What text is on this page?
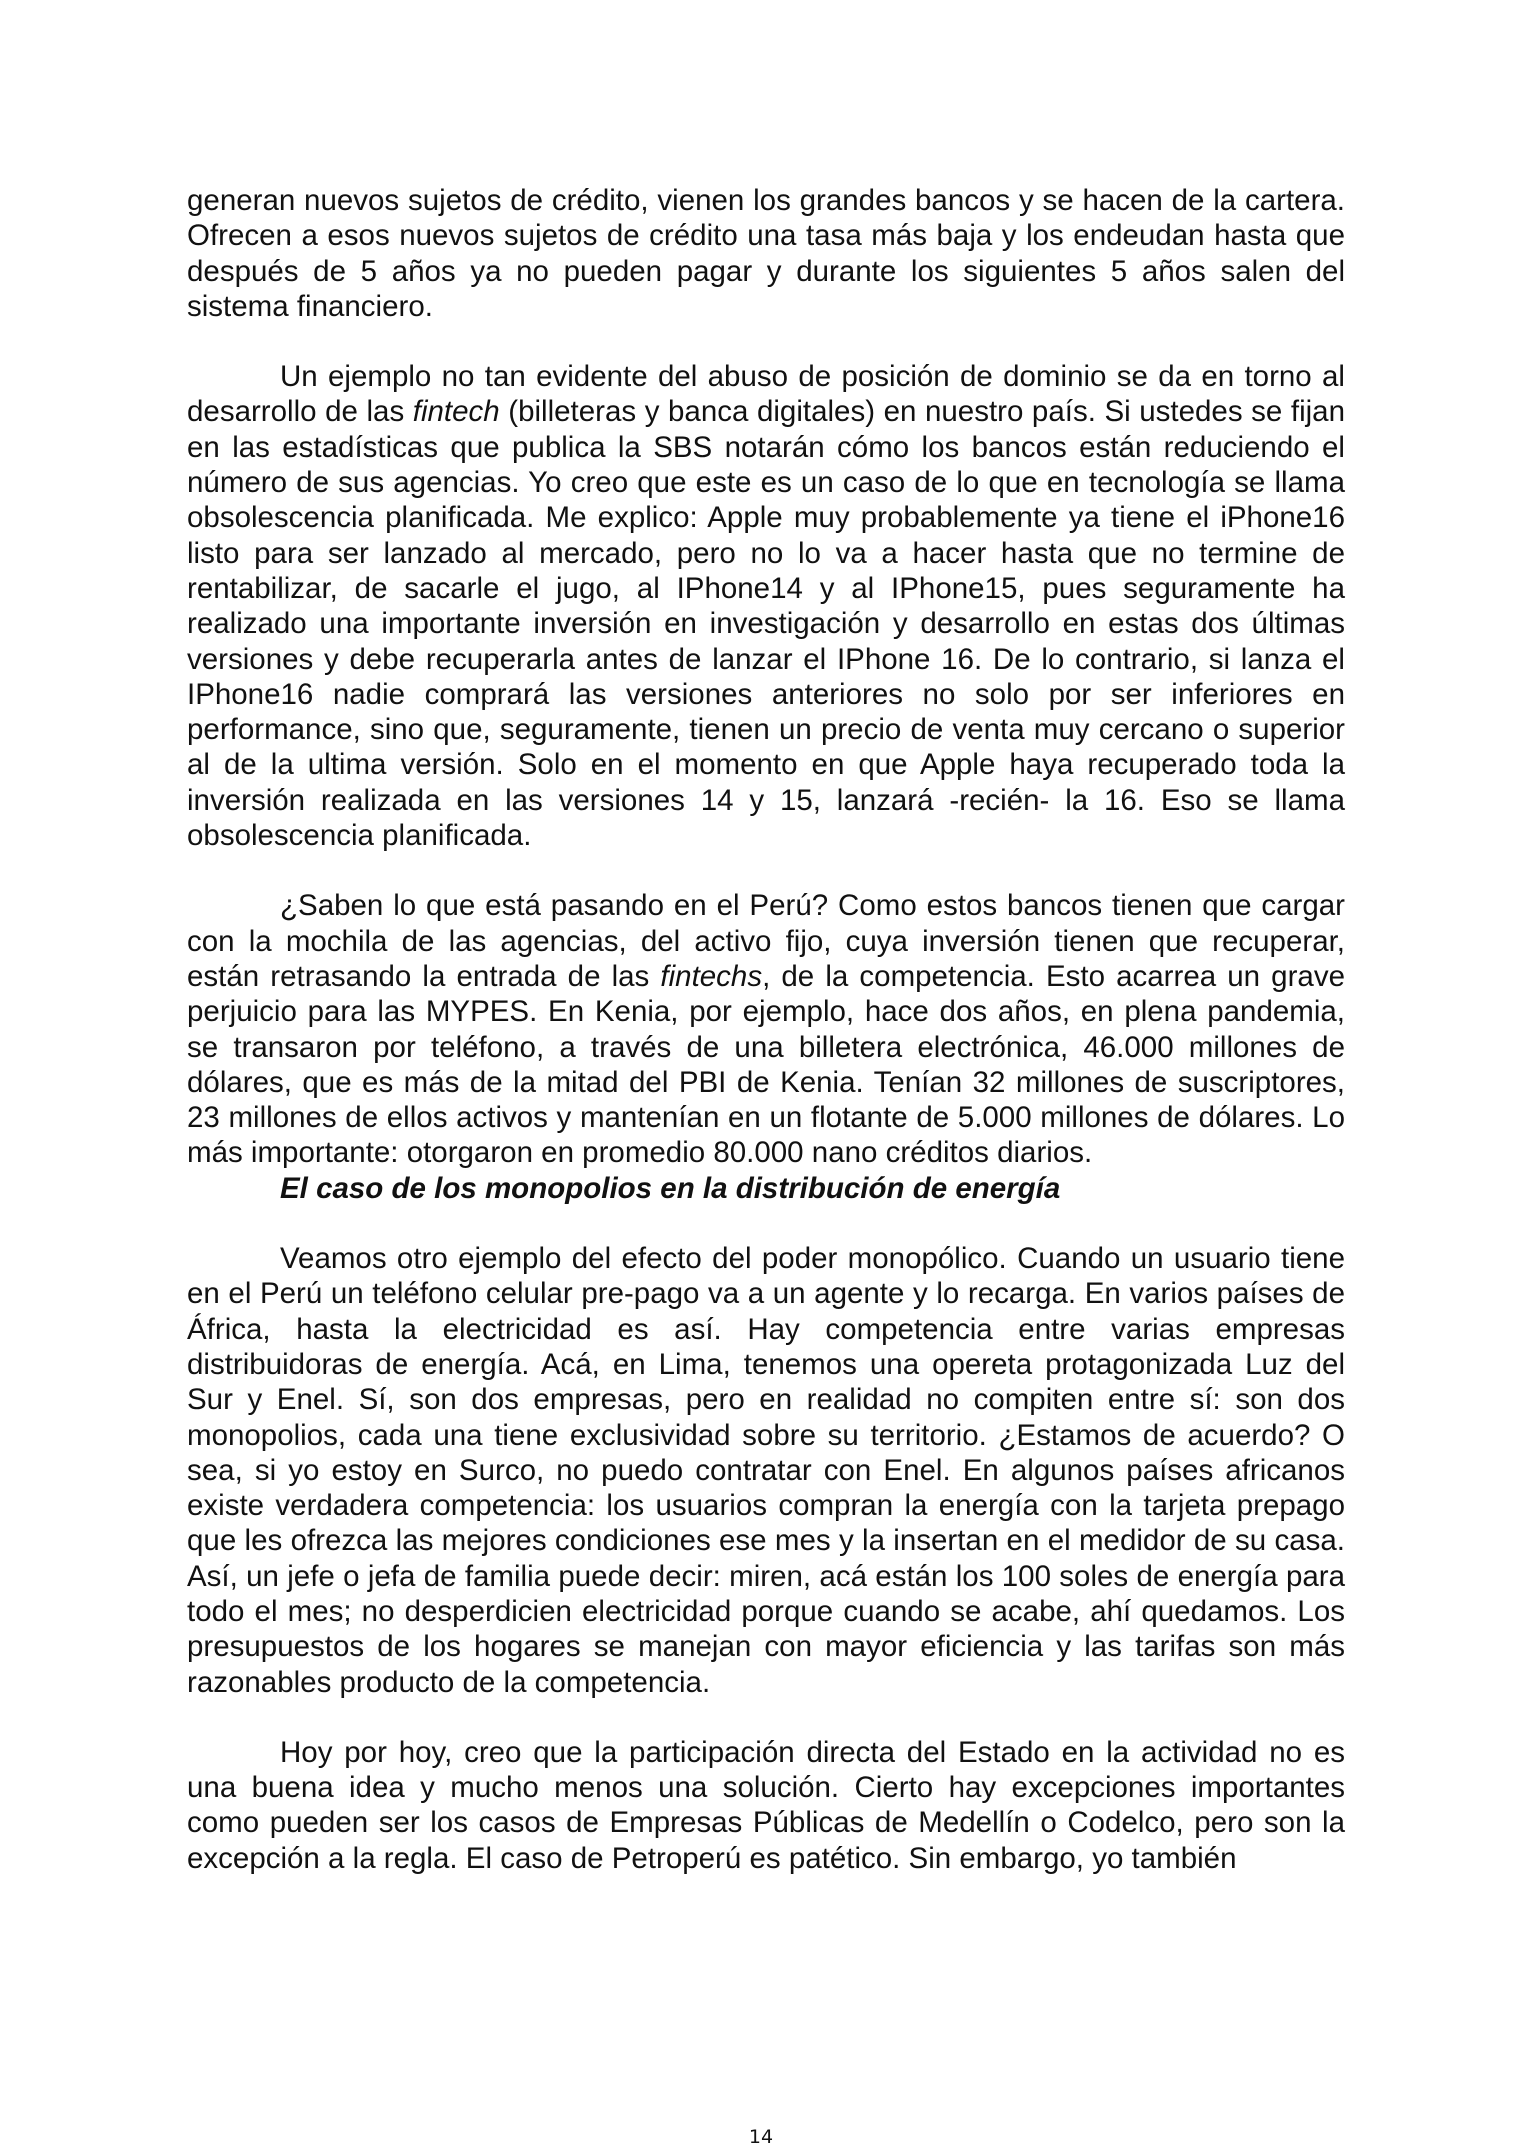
generan nuevos sujetos de crédito, vienen los grandes bancos y se hacen de la cartera. Ofrecen a esos nuevos sujetos de crédito una tasa más baja y los endeudan hasta que después de 5 años ya no pueden pagar y durante los siguientes 5 años salen del sistema financiero.

Un ejemplo no tan evidente del abuso de posición de dominio se da en torno al desarrollo de las fintech (billeteras y banca digitales) en nuestro país. Si ustedes se fijan en las estadísticas que publica la SBS notarán cómo los bancos están reduciendo el número de sus agencias. Yo creo que este es un caso de lo que en tecnología se llama obsolescencia planificada. Me explico: Apple muy probablemente ya tiene el iPhone16 listo para ser lanzado al mercado, pero no lo va a hacer hasta que no termine de rentabilizar, de sacarle el jugo, al IPhone14 y al IPhone15, pues seguramente ha realizado una importante inversión en investigación y desarrollo en estas dos últimas versiones y debe recuperarla antes de lanzar el IPhone 16. De lo contrario, si lanza el IPhone16 nadie comprará las versiones anteriores no solo por ser inferiores en performance, sino que, seguramente, tienen un precio de venta muy cercano o superior al de la ultima versión. Solo en el momento en que Apple haya recuperado toda la inversión realizada en las versiones 14 y 15, lanzará -recién- la 16. Eso se llama obsolescencia planificada.

¿Saben lo que está pasando en el Perú? Como estos bancos tienen que cargar con la mochila de las agencias, del activo fijo, cuya inversión tienen que recuperar, están retrasando la entrada de las fintechs, de la competencia. Esto acarrea un grave perjuicio para las MYPES. En Kenia, por ejemplo, hace dos años, en plena pandemia, se transaron por teléfono, a través de una billetera electrónica, 46.000 millones de dólares, que es más de la mitad del PBI de Kenia. Tenían 32 millones de suscriptores, 23 millones de ellos activos y mantenían en un flotante de 5.000 millones de dólares. Lo más importante: otorgaron en promedio 80.000 nano créditos diarios.

El caso de los monopolios en la distribución de energía

Veamos otro ejemplo del efecto del poder monopólico. Cuando un usuario tiene en el Perú un teléfono celular pre-pago va a un agente y lo recarga. En varios países de África, hasta la electricidad es así. Hay competencia entre varias empresas distribuidoras de energía. Acá, en Lima, tenemos una opereta protagonizada Luz del Sur y Enel. Sí, son dos empresas, pero en realidad no compiten entre sí: son dos monopolios, cada una tiene exclusividad sobre su territorio. ¿Estamos de acuerdo? O sea, si yo estoy en Surco, no puedo contratar con Enel. En algunos países africanos existe verdadera competencia: los usuarios compran la energía con la tarjeta prepago que les ofrezca las mejores condiciones ese mes y la insertan en el medidor de su casa. Así, un jefe o jefa de familia puede decir: miren, acá están los 100 soles de energía para todo el mes; no desperdicien electricidad porque cuando se acabe, ahí quedamos. Los presupuestos de los hogares se manejan con mayor eficiencia y las tarifas son más razonables producto de la competencia.

Hoy por hoy, creo que la participación directa del Estado en la actividad no es una buena idea y mucho menos una solución. Cierto hay excepciones importantes como pueden ser los casos de Empresas Públicas de Medellín o Codelco, pero son la excepción a la regla. El caso de Petroperú es patético. Sin embargo, yo también

14
